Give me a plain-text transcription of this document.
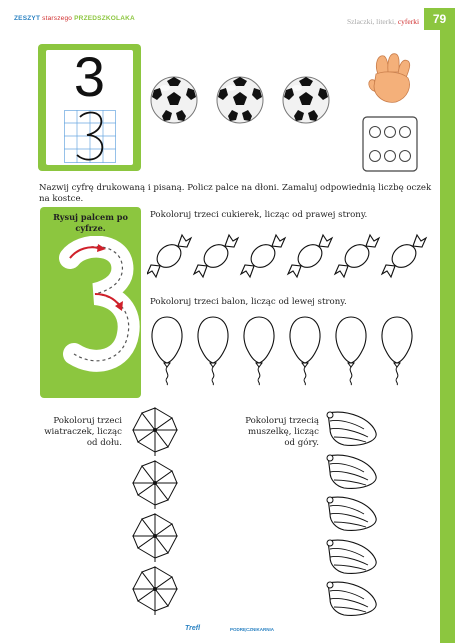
ZESZYT starszego PRZEDSZKOLAKA	Szlaczki, literki, cyferki	79
3
Nazwij cyfrę drukowaną i pisaną. Policz palce na dłoni. Zamaluj odpowiednią liczbę oczek na kostce.
Rysuj palcem po cyfrze.
Pokoloruj trzeci cukierek, licząc od prawej strony.
Pokoloruj trzeci balon, licząc od lewej strony.
Pokoloruj trzeci wiatraczek, licząc od dołu.
Pokoloruj trzecią muszelkę, licząc od góry.
Trefl	PODRĘCZNIKARNIA
